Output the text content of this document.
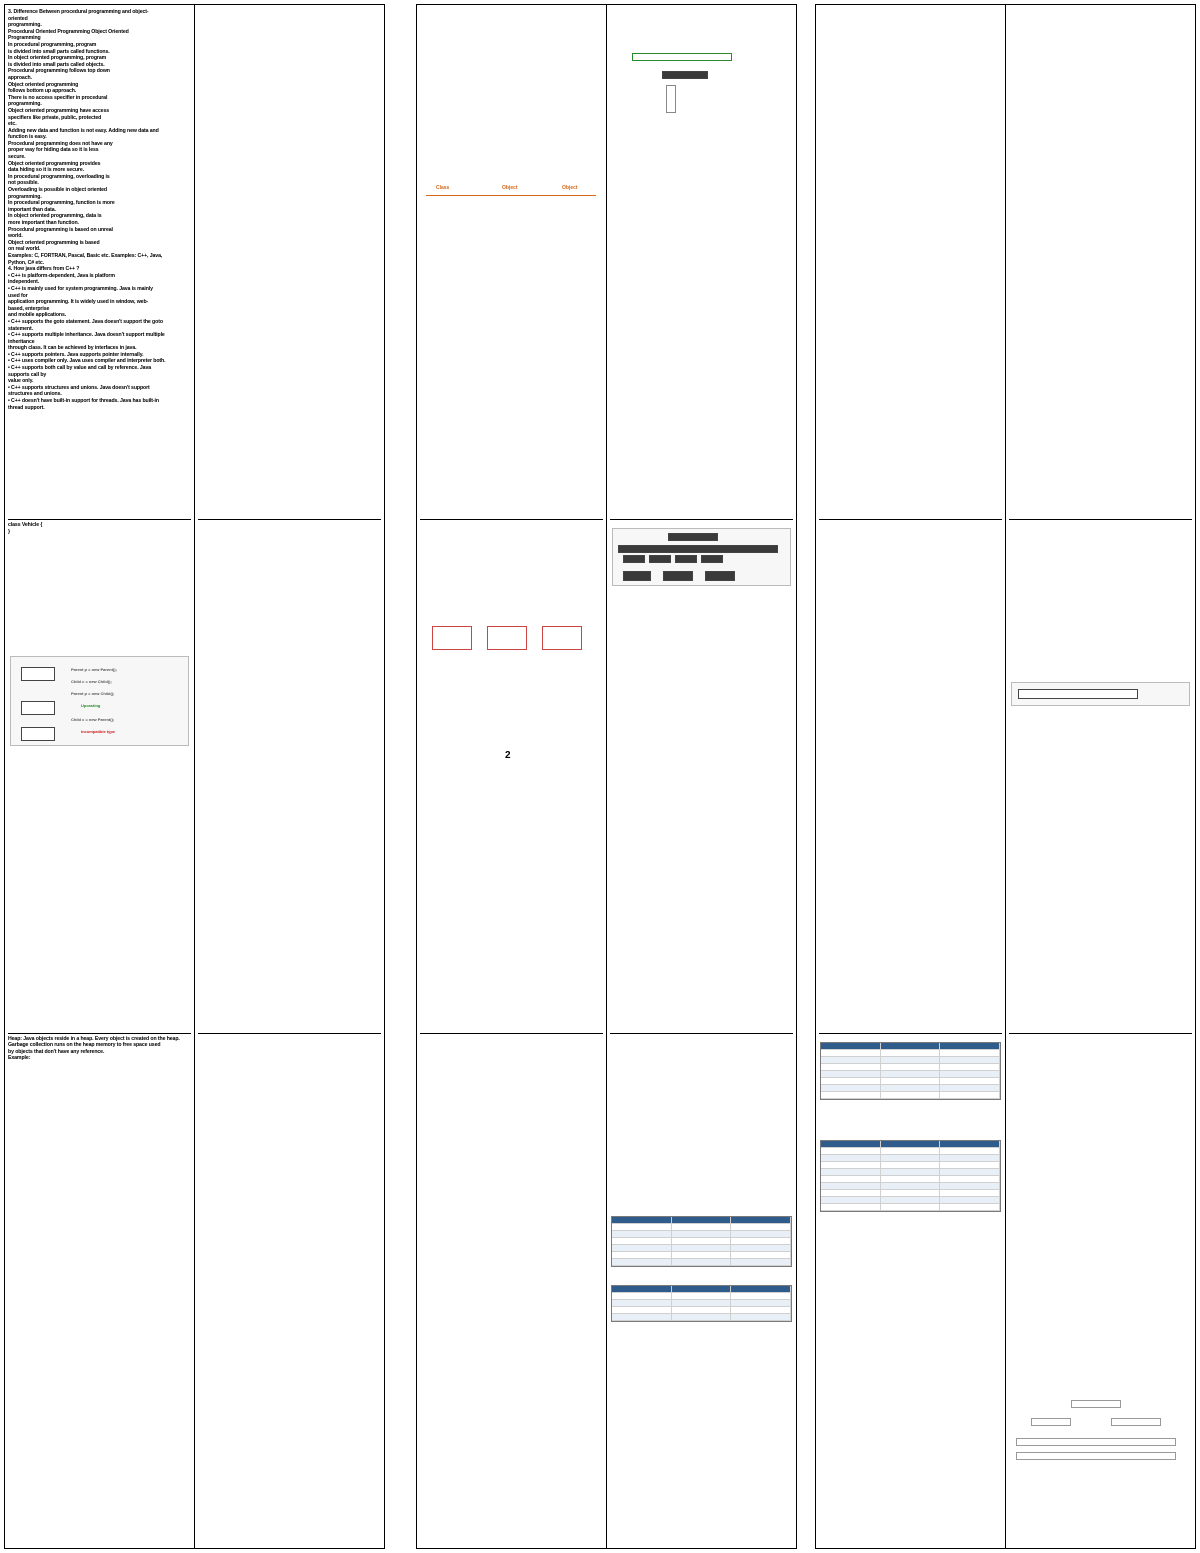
3. Difference Between procedural programming and object-
oriented
programming.
Procedural Oriented Programming Object Oriented
Programming
In procedural programming, program
is divided into small parts called functions.
In object oriented programming, program
is divided into small parts called objects.
Procedural programming follows top down
approach.
Object oriented programming
follows bottom up approach.
There is no access specifier in procedural
programming.
Object oriented programming have access
specifiers like private, public, protected
etc.
Adding new data and function is not easy. Adding new data and
function is easy.
Procedural programming does not have any
proper way for hiding data so it is less
secure.
Object oriented programming provides
data hiding so it is more secure.
In procedural programming, overloading is
not possible.
Overloading is possible in object oriented
programming.
In procedural programming, function is more
important than data.
In object oriented programming, data is
more important than function.
Procedural programming is based on unreal
world.
Object oriented programming is based
on real world.
Examples: C, FORTRAN, Pascal, Basic etc. Examples: C++, Java,
Python, C# etc.
4. How java differs from C++ ?
• C++ is platform-dependent, Java is platform
independent.
• C++ is mainly used for system programming. Java is mainly
used for
application programming. It is widely used in window, web-
based, enterprise
and mobile applications.
• C++ supports the goto statement. Java doesn't support the goto
statement.
• C++ supports multiple inheritance. Java doesn't support multiple
inheritance
through class. It can be achieved by interfaces in java.
• C++ supports pointers. Java supports pointer internally.
• C++ uses compiler only. Java uses compiler and interpreter both.
• C++ supports both call by value and call by reference. Java
supports call by
value only.
• C++ supports structures and unions. Java doesn't support
structures and unions.
• C++ doesn't have built-in support for threads. Java has built-in
thread support.
class Vehicle {
}
Parent p = new Parent();
Child c = new Child();
Parent p = new Child();
Upcasting
Child c = new Parent();
Incompatible type
Heap: Java objects reside in a heap. Every object is created on the heap.
Garbage collection runs on the heap memory to free space used
by objects that don't have any reference.
Example:
Class	Object	Object
2
